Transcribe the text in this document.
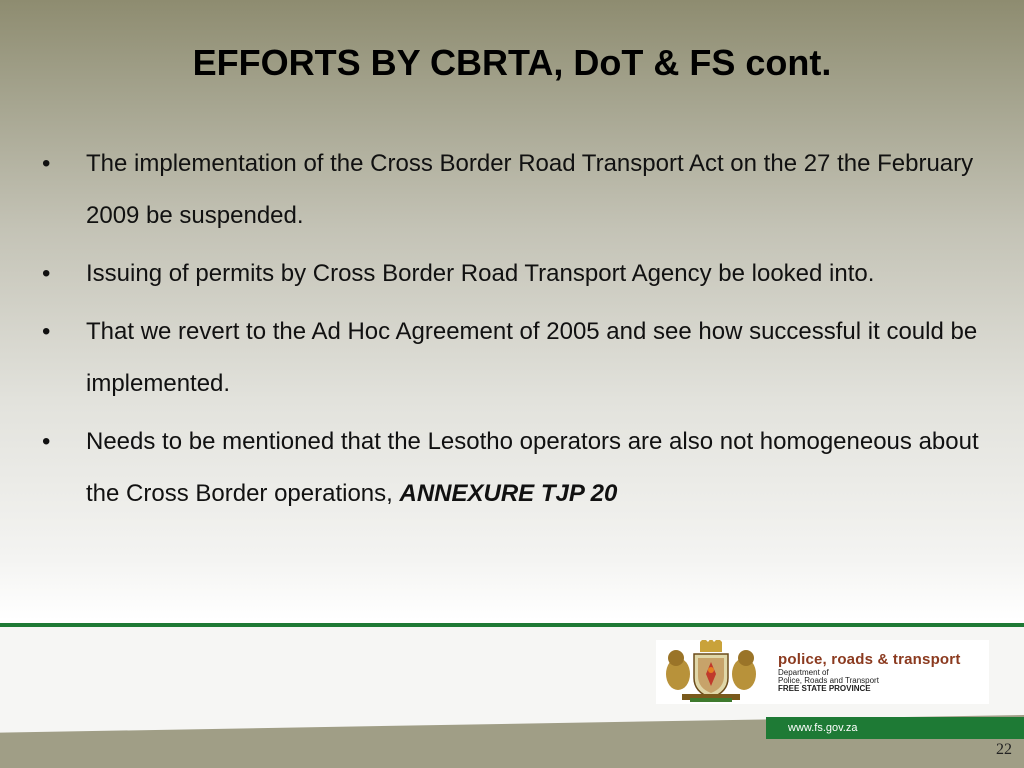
EFFORTS BY CBRTA, DoT & FS cont.
• The implementation of the Cross Border Road Transport Act on the 27 the February 2009 be suspended.
• Issuing of permits by Cross Border Road Transport Agency be looked into.
• That we revert to the Ad Hoc Agreement of 2005 and see how successful it could be implemented.
• Needs to be mentioned that the Lesotho operators are also not homogeneous about the Cross Border operations, ANNEXURE TJP 20
police, roads & transport
Department of
Police, Roads and Transport
FREE STATE PROVINCE
www.fs.gov.za
22
